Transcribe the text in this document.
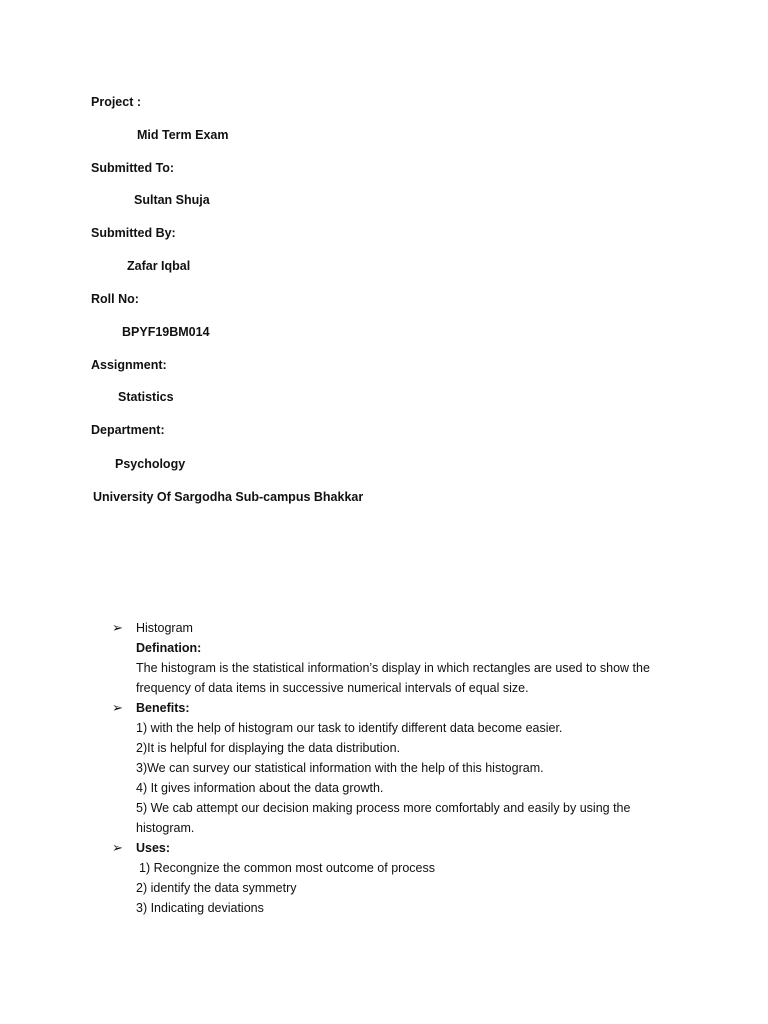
Project :
Mid Term Exam
Submitted To:
Sultan Shuja
Submitted By:
Zafar Iqbal
Roll No:
BPYF19BM014
Assignment:
Statistics
Department:
Psychology
University Of Sargodha Sub-campus Bhakkar
➢ Histogram
Defination:
The histogram is the statistical information’s display in which rectangles are used to show the frequency of data items in successive numerical intervals of equal size.
➢ Benefits:
1) with the help of histogram our task to identify different data become easier.
2)It is helpful for displaying the data distribution.
3)We can survey our statistical information with the help of this histogram.
4) It gives information about the data growth.
5) We cab attempt our decision making process more comfortably and easily by using the histogram.
➢ Uses:
1) Recongnize the common most outcome of process
2) identify the data symmetry
3) Indicating deviations
